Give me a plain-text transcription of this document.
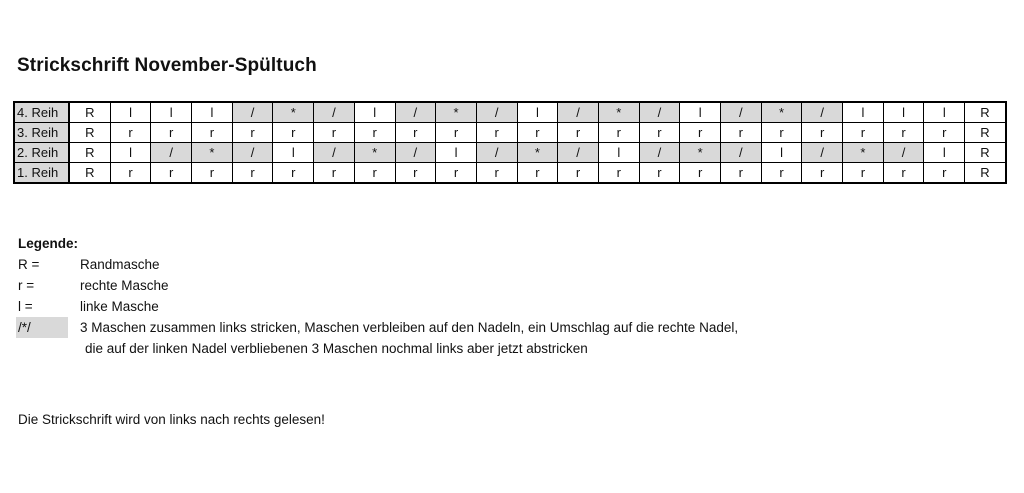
Strickschrift November-Spültuch
4. Reih	R	l	l	l	/	*	/	l	/	*	/	l	/	*	/	l	/	*	/	l	l	l	R
3. Reih	R	r	r	r	r	r	r	r	r	r	r	r	r	r	r	r	r	r	r	r	r	r	R
2. Reih	R	l	/	*	/	l	/	*	/	l	/	*	/	l	/	*	/	l	/	*	/	l	R
1. Reih	R	r	r	r	r	r	r	r	r	r	r	r	r	r	r	r	r	r	r	r	r	r	R
Legende:
R =	Randmasche
r =	rechte Masche
l =	linke Masche
/*/	3 Maschen zusammen links stricken, Maschen verbleiben auf den Nadeln, ein Umschlag auf die rechte Nadel,
die auf der linken Nadel verbliebenen 3 Maschen nochmal links aber jetzt abstricken
Die Strickschrift wird von links nach rechts gelesen!
